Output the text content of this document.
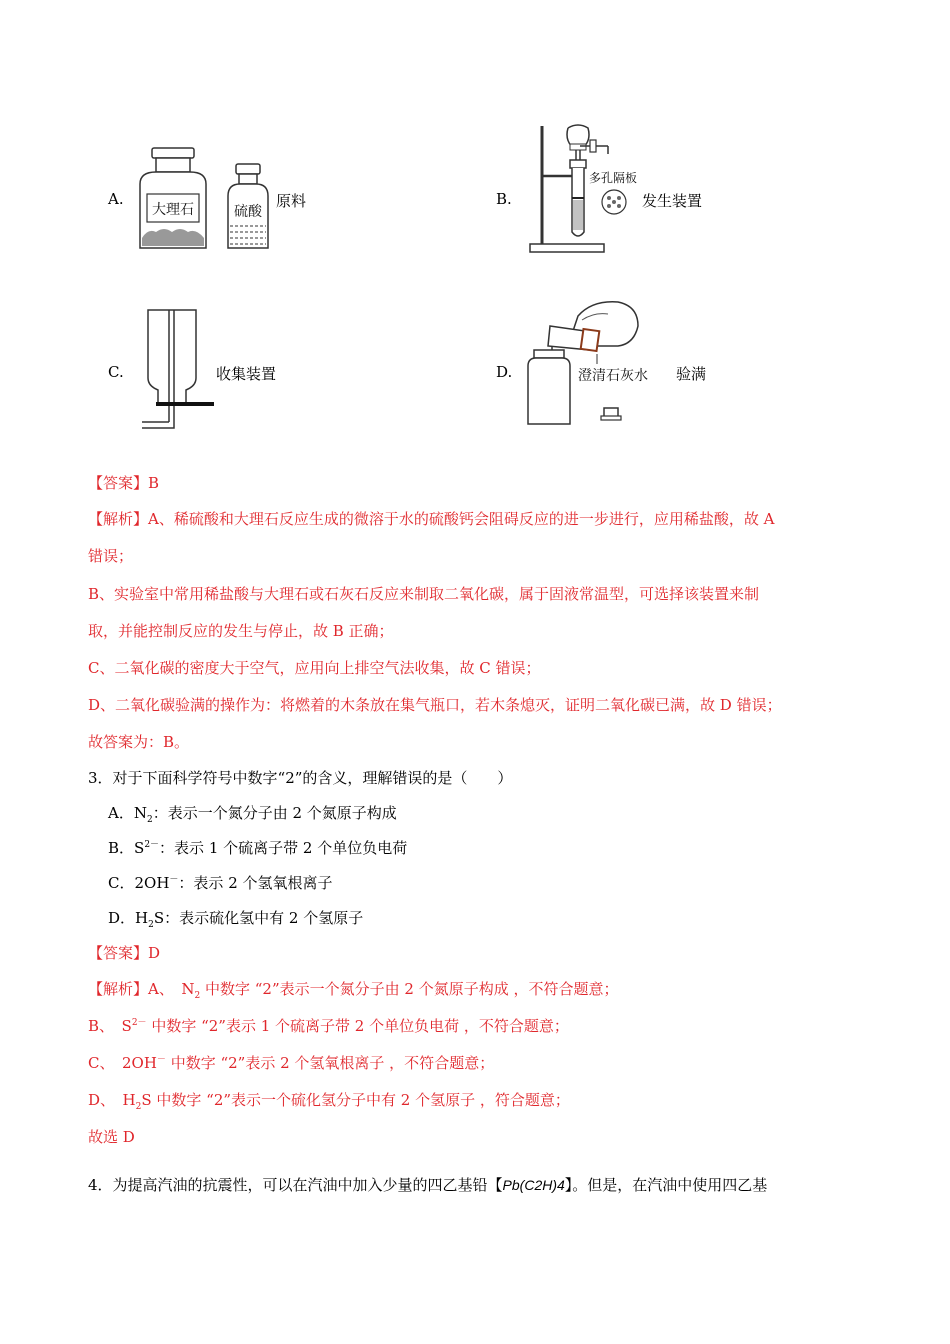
A.
大理石	硫酸
原料	B.
多孔隔板
发生装置
C.	收集装置	D.	澄清石灰水 验满
【答案】B
【解析】A、稀硫酸和大理石反应生成的微溶于水的硫酸钙会阻碍反应的进一步进行，应用稀盐酸，故 A
错误；
B、实验室中常用稀盐酸与大理石或石灰石反应来制取二氧化碳，属于固液常温型，可选择该装置来制
取，并能控制反应的发生与停止，故 B 正确；
C、二氧化碳的密度大于空气，应用向上排空气法收集，故 C 错误；
D、二氧化碳验满的操作为：将燃着的木条放在集气瓶口，若木条熄灭，证明二氧化碳已满，故 D 错误；
故答案为：B。
3．对于下面科学符号中数字“2”的含义，理解错误的是（　　）
A．$N_2$：表示一个氮分子由 2 个氮原子构成
B．$S^{2-}$：表示 1 个硫离子带 2 个单位负电荷
C．2OH－：表示 2 个氢氧根离子
D．$H_2S$：表示硫化氢中有 2 个氢原子
【答案】D
【解析】A、　$N_2$ 中数字 “2”表示一个氮分子由 2 个氮原子构成 ，不符合题意；
B、　$S^{2-}$ 中数字 “2”表示 1 个硫离子带 2 个单位负电荷 ，不符合题意；
C、　2OH－ 中数字 “2”表示 2 个氢氧根离子 ，不符合题意；
D、　$H_2S$ 中数字 “2”表示一个硫化氢分子中有 2 个氢原子 ，符合题意；
故选 D
4．为提高汽油的抗震性，可以在汽油中加入少量的四乙基铅【Pb(C2H)4】。但是，在汽油中使用四乙基
